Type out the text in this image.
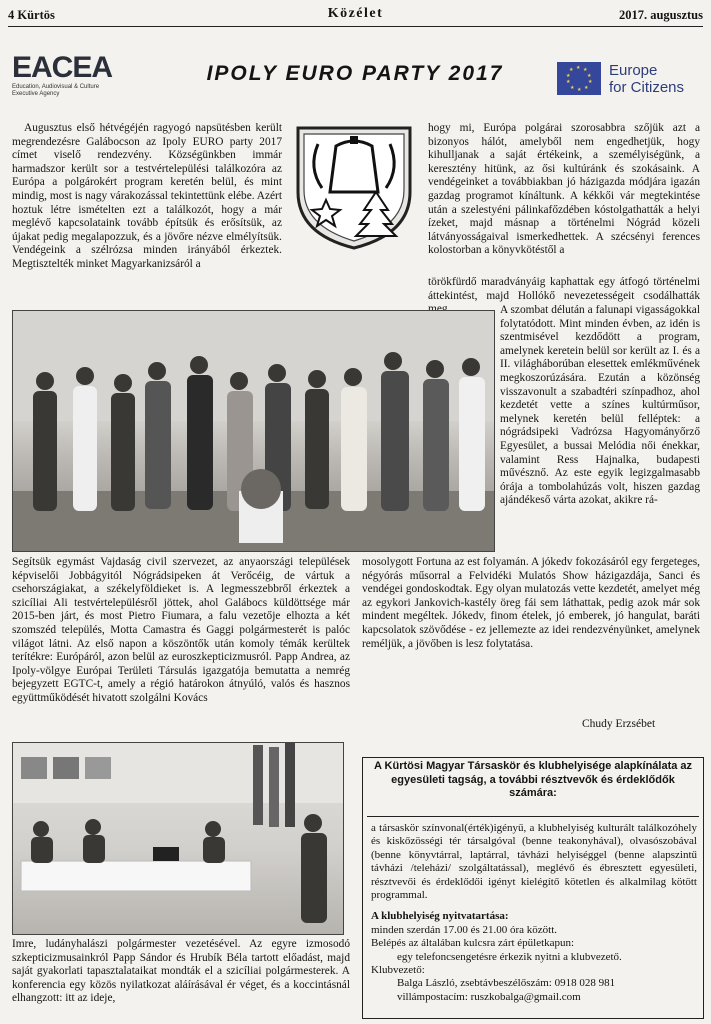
4 Kürtös	Közélet	2017. augusztus
EACEA
Education, Audiovisual & Culture
Executive Agency
IPOLY EURO PARTY 2017	★ ★
★
★
★
★
★
★
★
★ Europe
for Citizens

Augusztus első hétvégéjén ragyogó napsütésben került megrendezésre Galábocson az Ipoly EURO party 2017 címet viselő rendezvény. Községünkben immár harmadszor került sor a testvértelepülési találkozóra az Európa a polgárokért program keretén belül, és mint mindig, most is nagy várakozással tekintettünk elébe. Azért hoztuk létre ismételten ezt a találkozót, hogy a már meglévő kapcsolataink tovább építsük és erősítsük, az újakat pedig megalapozzuk, és a jövőre nézve elmélyítsük. Vendégeink a szélrózsa minden irányából érkeztek. Megtisztelték minket Magyarkanizsáról a

hogy mi, Európa polgárai szorosabbra szőjük azt a bizonyos hálót, amelyből nem engedhetjük, hogy kihulljanak a saját értékeink, a személyiségünk, a keresztény hitünk, az ősi kultúránk és szokásaink. A vendégeinket a továbbiakban jó házigazda módjára igazán gazdag programot kínáltunk. A kékkői vár megtekintése után a szelestyéni pálinkafőzdében kóstolgathatták a helyi ízeket, majd másnap a történelmi Nógrád közeli látványosságaival ismerkedhettek. A szécsényi ferences kolostorban a könyvkötéstől a

törökfürdő maradványáig kaphattak egy átfogó történelmi áttekintést, majd Hollókő nevezetességeit csodálhatták

A szombat délután a falunapi vigasságokkal folytatódott. Mint minden évben, az idén is szentmisével kezdődött a program, amelynek keretein belül sor került az I. és a II. világháborúban elesettek emlékművének megkoszorúzására. Ezután a közönség visszavonult a szabadtéri színpadhoz, ahol kezdetét vette a színes kultúrműsor, melynek keretén belül felléptek: a nógrádsipeki Vadrózsa Hagyományőrző Egyesület, a bussai Melódia női énekkar, valamint Ress Hajnalka, budapesti művésznő. Az este egyik legizgalmasabb órája a tombolahúzás volt, hiszen gazdag ajándékeső várta azokat, akikre rá-

Segítsük egymást Vajdaság civil szervezet, az anyaországi települések képviselői Jobbágyitól Nógrádsipeken át Verőcéig, de vártuk a csehországiakat, a székelyföldieket is. A legmesszebbről érkeztek a szicíliai Ali testvértelepülésről jöttek, ahol Galábocs küldöttsége már 2015-ben járt, és most Pietro Fiumara, a falu vezetője elhozta a két szomszéd település, Motta Camastra és Gaggi polgármesterét is palóc világot látni. Az első napon a köszöntők után komoly témák kerültek terítékre: Európáról, azon belül az euroszkepticizmusról. Papp Andrea, az Ipoly-völgye Európai Területi Társulás igazgatója bemutatta a nemrég bejegyzett EGTC-t, amely a régió határokon átnyúló, valós és hasznos együttműködését hivatott szolgálni Kovács

mosolygott Fortuna az est folyamán. A jókedv fokozásáról egy fergeteges, négyórás műsorral a Felvidéki Mulatós Show házigazdája, Sanci és vendégei gondoskodtak. Egy olyan mulatozás vette kezdetét, amelyet még az egykori Jankovich-kastély öreg fái sem láthattak, pedig azok már sok mindent megéltek. Jókedv, finom ételek, jó emberek, jó hangulat, baráti kapcsolatok szövődése - ez jellemezte az idei rendezvényünket, amelynek reméljük, a jövőben is lesz folytatása.

Chudy Erzsébet

Imre, ludányhalászi polgármester vezetésével. Az egyre izmosodó szkepticizmusainkról Papp Sándor és Hrubík Béla tartott előadást, majd saját gyakorlati tapasztalataikat mondták el a szicíliai polgármesterek. A konferencia egy közös nyilatkozat aláírásával ér véget, és a koccintásnál elhangzott: itt az ideje,

A Kürtösi Magyar Társaskör és klubhelyisége alapkínálata az egyesületi tagság, a további résztvevők és érdeklődők számára:

a társaskör színvonal(érték)igényű, a klubhelyiség kulturált találkozóhely és kiskőzösségi tér társalgóval (benne teakonyhával), olvasószobával (benne könyvtárral, laptárral, távházi helyiséggel (benne alapszintű távházi /teleházi/ szolgáltatással), meglévő és ébresztett egyesületi, résztvevői és érdeklődői igényt kielégítő kötetlen és alkalmilag kötött programmal.

A klubhelyiség nyitvatartása:

minden szerdán 17.00 és 21.00 óra között.

Belépés az általában kulcsra zárt épületkapun:

egy telefoncsengetésre érkezik nyitni a klubvezető.

Klubvezető:

Balga László, zsebtávbeszélőszám: 0918 028 981

villámpostacím: ruszkobalga@gmail.com
